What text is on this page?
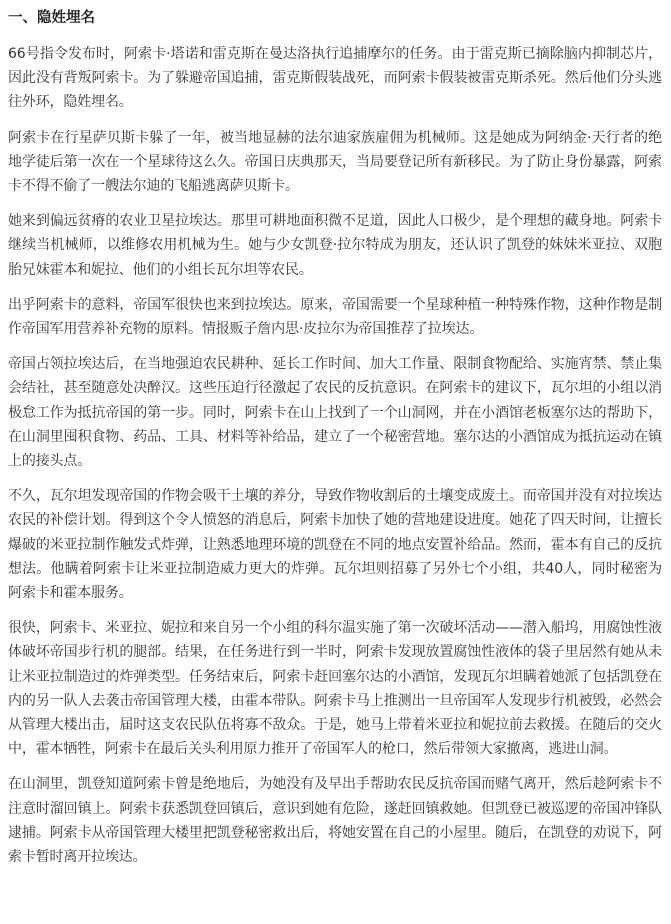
一、隐姓埋名

66号指令发布时，阿索卡·塔诺和雷克斯在曼达洛执行追捕摩尔的任务。由于雷克斯已摘除脑内抑制芯片，因此没有背叛阿索卡。为了躲避帝国追捕，雷克斯假装战死，而阿索卡假装被雷克斯杀死。然后他们分头逃往外环，隐姓埋名。

阿索卡在行星萨贝斯卡躲了一年，被当地显赫的法尔迪家族雇佣为机械师。这是她成为阿纳金·天行者的绝地学徒后第一次在一个星球待这么久。帝国日庆典那天，当局要登记所有新移民。为了防止身份暴露，阿索卡不得不偷了一艘法尔迪的飞船逃离萨贝斯卡。

她来到偏远贫瘠的农业卫星拉埃达。那里可耕地面积微不足道，因此人口极少，是个理想的藏身地。阿索卡继续当机械师，以维修农用机械为生。她与少女凯登·拉尔特成为朋友，还认识了凯登的妹妹米亚拉、双胞胎兄妹霍本和妮拉、他们的小组长瓦尔坦等农民。

出乎阿索卡的意料，帝国军很快也来到拉埃达。原来，帝国需要一个星球种植一种特殊作物，这种作物是制作帝国军用营养补充物的原料。情报贩子詹内思·皮拉尔为帝国推荐了拉埃达。

帝国占领拉埃达后，在当地强迫农民耕种、延长工作时间、加大工作量、限制食物配给、实施宵禁、禁止集会结社，甚至随意处决醉汉。这些压迫行径激起了农民的反抗意识。在阿索卡的建议下，瓦尔坦的小组以消极怠工作为抵抗帝国的第一步。同时，阿索卡在山上找到了一个山洞网，并在小酒馆老板塞尔达的帮助下，在山洞里囤积食物、药品、工具、材料等补给品，建立了一个秘密营地。塞尔达的小酒馆成为抵抗运动在镇上的接头点。

不久，瓦尔坦发现帝国的作物会吸干土壤的养分，导致作物收割后的土壤变成废土。而帝国并没有对拉埃达农民的补偿计划。得到这个令人愤怒的消息后，阿索卡加快了她的营地建设进度。她花了四天时间，让擅长爆破的米亚拉制作触发式炸弹，让熟悉地理环境的凯登在不同的地点安置补给品。然而，霍本有自己的反抗想法。他瞒着阿索卡让米亚拉制造威力更大的炸弹。瓦尔坦则招募了另外七个小组，共40人，同时秘密为阿索卡和霍本服务。

很快，阿索卡、米亚拉、妮拉和来自另一个小组的科尔温实施了第一次破坏活动——潜入船坞，用腐蚀性液体破坏帝国步行机的腿部。结果，在任务进行到一半时，阿索卡发现放置腐蚀性液体的袋子里居然有她从未让米亚拉制造过的炸弹类型。任务结束后，阿索卡赶回塞尔达的小酒馆，发现瓦尔坦瞒着她派了包括凯登在内的另一队人去袭击帝国管理大楼，由霍本带队。阿索卡马上推测出一旦帝国军人发现步行机被毁，必然会从管理大楼出击，届时这支农民队伍将寡不敌众。于是，她马上带着米亚拉和妮拉前去救援。在随后的交火中，霍本牺牲，阿索卡在最后关头利用原力推开了帝国军人的枪口，然后带领大家撤离，逃进山洞。

在山洞里，凯登知道阿索卡曾是绝地后，为她没有及早出手帮助农民反抗帝国而赌气离开，然后趁阿索卡不注意时溜回镇上。阿索卡获悉凯登回镇后，意识到她有危险，遂赶回镇救她。但凯登已被巡逻的帝国冲锋队逮捕。阿索卡从帝国管理大楼里把凯登秘密救出后，将她安置在自己的小屋里。随后，在凯登的劝说下，阿索卡暂时离开拉埃达。
